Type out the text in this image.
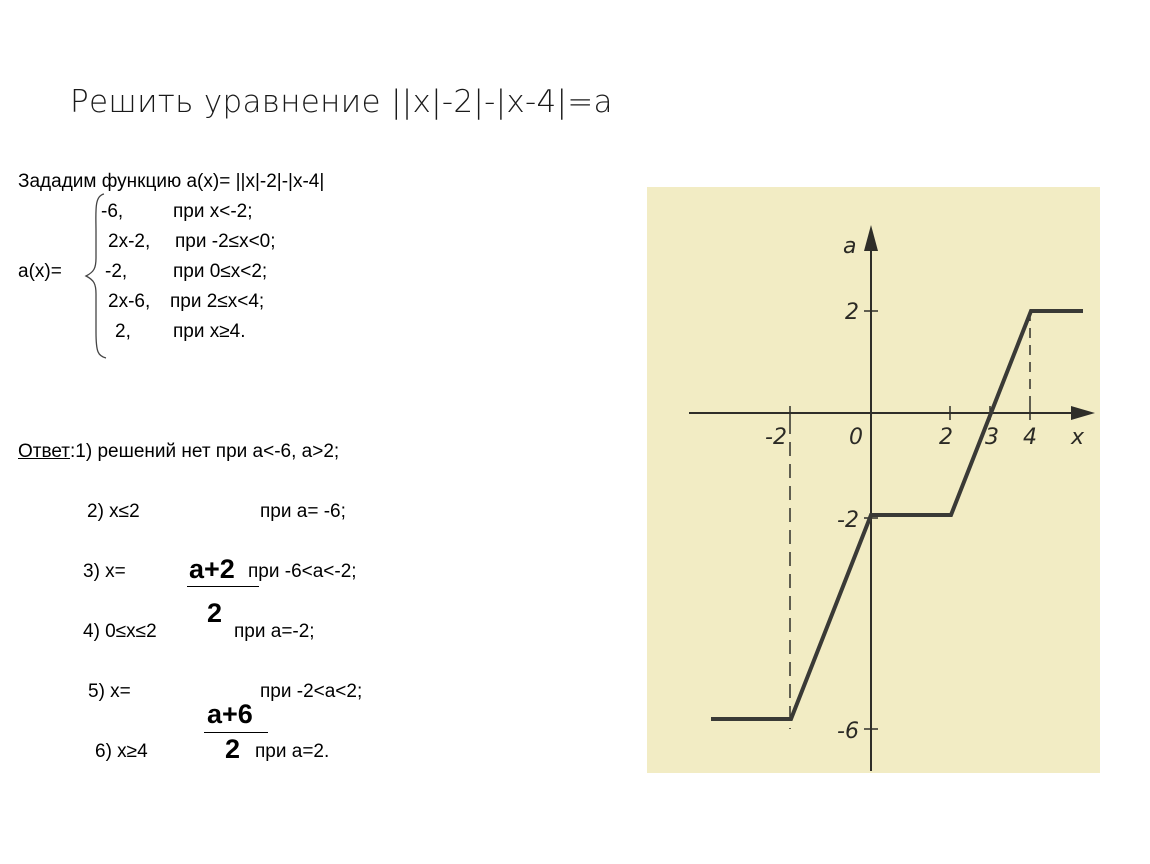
Решить уравнение ||x|-2|-|x-4|=a
Зададим функцию a(x)= ||x|-2|-|x-4|
a(x)=
-6,	при x<-2;
2x-2, при -2≤x<0;
-2, при 0≤x<2;
2x-6, при 2≤x<4;
2, при x≥4.
Ответ:1) решений нет при a<-6, a>2;
2) x≤2	при a= -6;
3) x= a+2
2
при -6<a<-2;
4) 0≤x≤2	при a=-2;
5) x=	при -2<a<2;
a+6
2
6) x≥4	при a=2.
a
x
-2	0	2 3 4
2
-2
-6
